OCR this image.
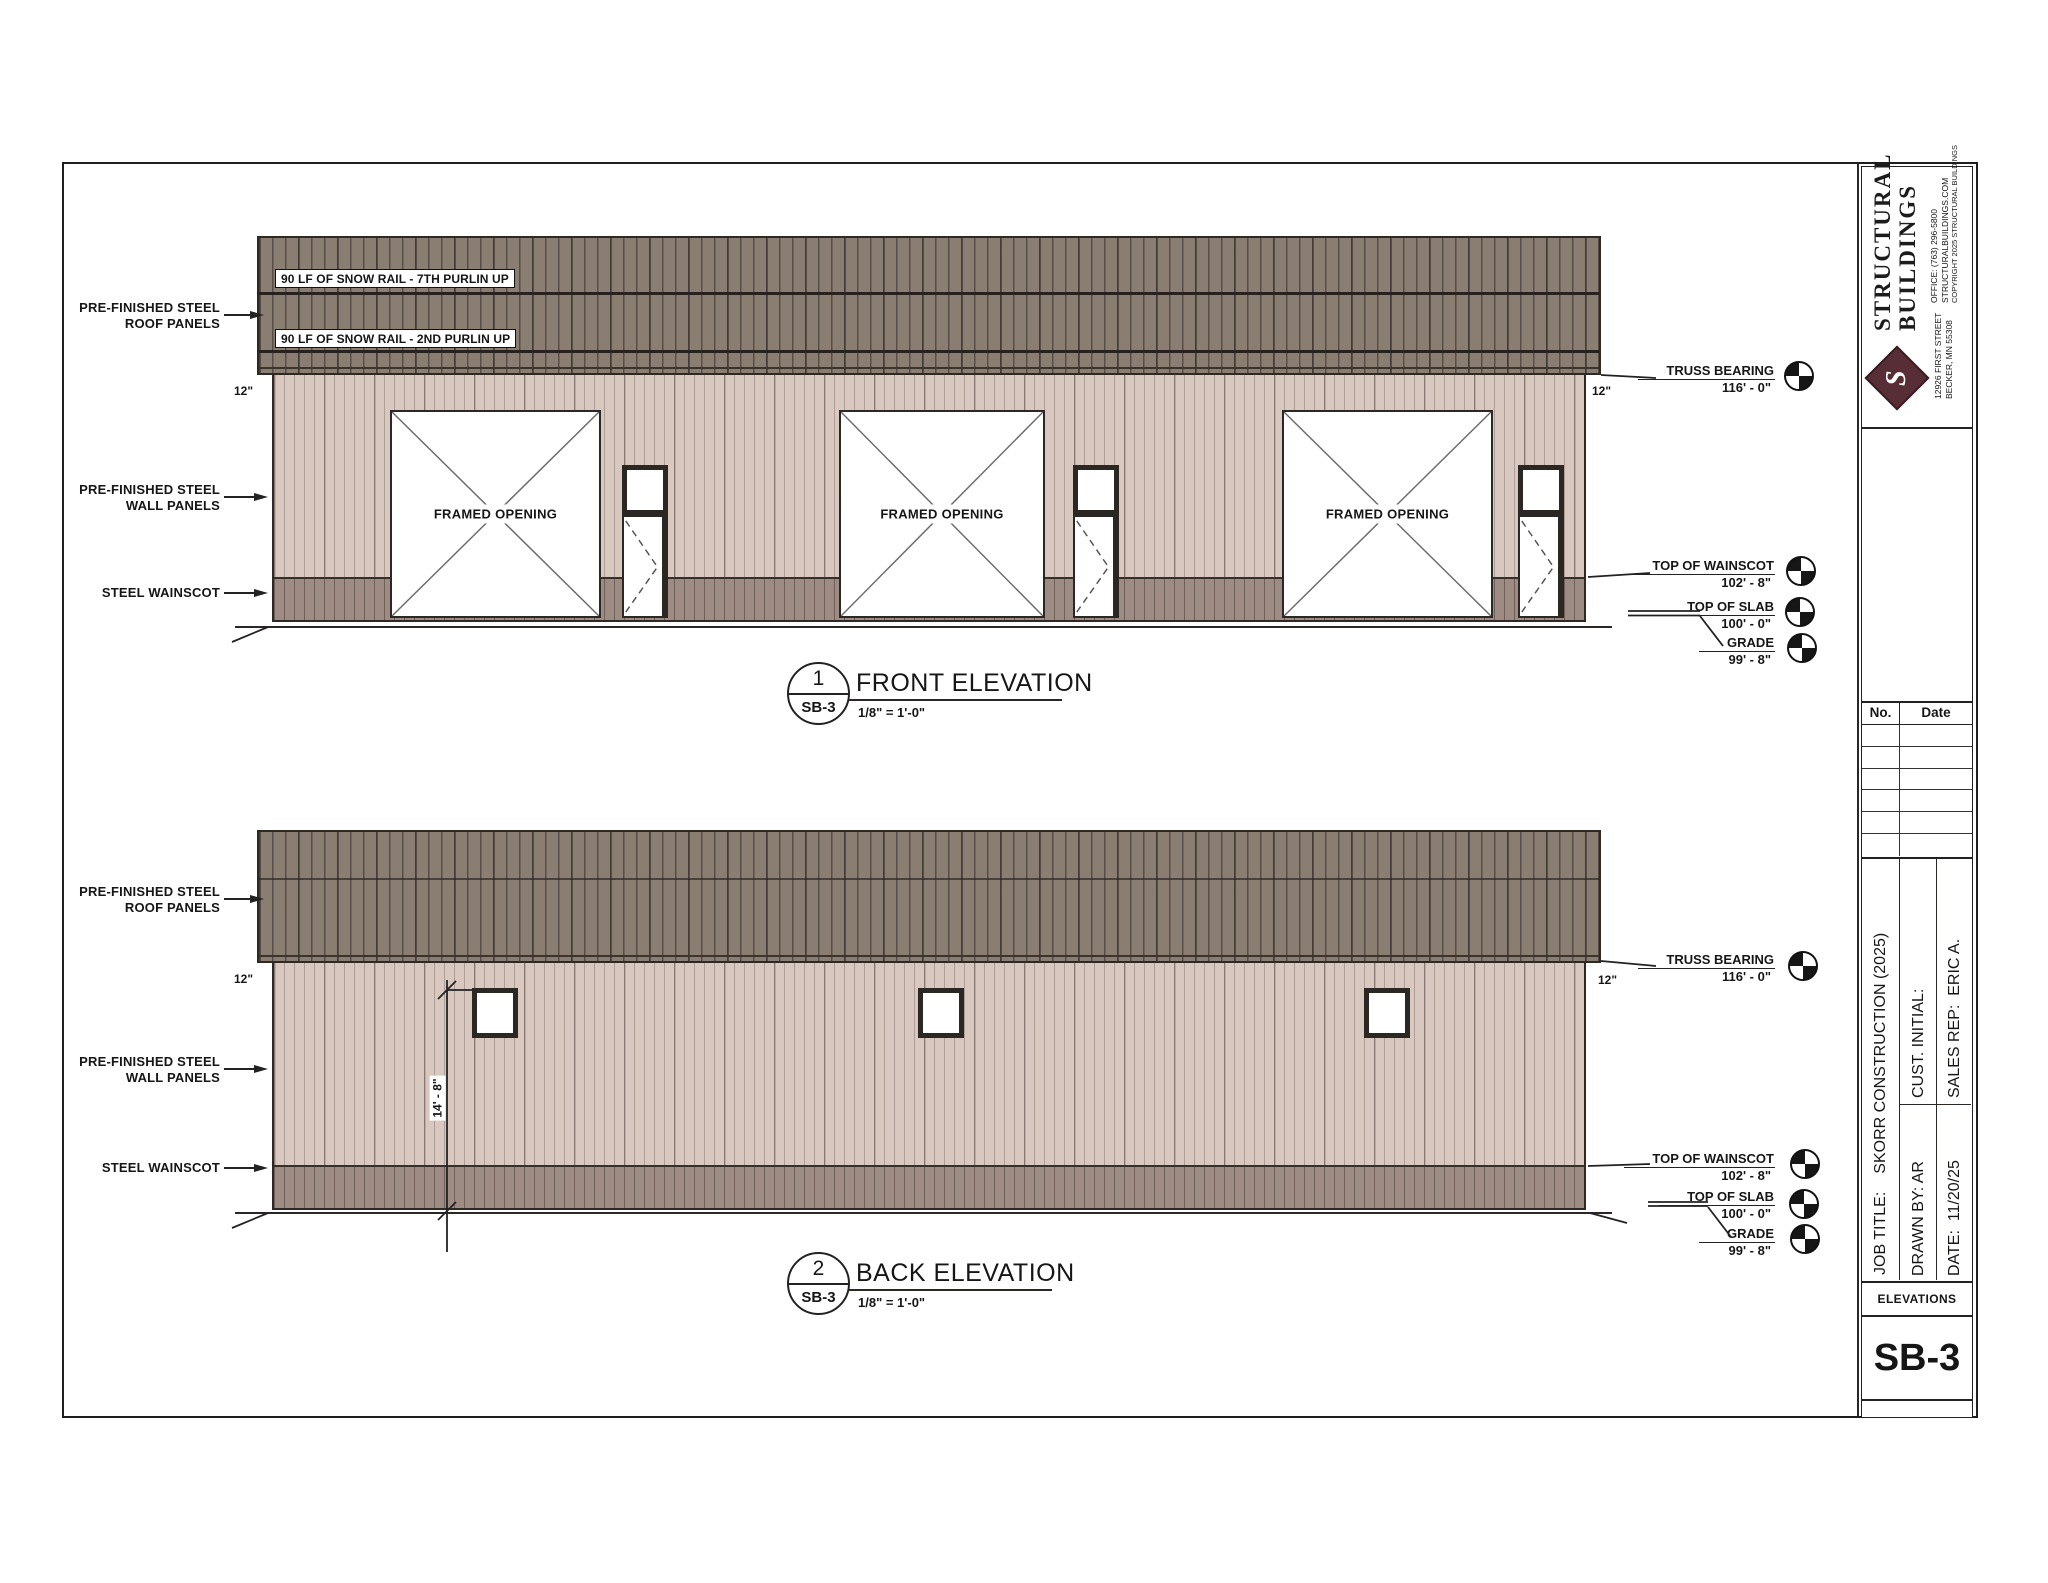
90 LF OF SNOW RAIL - 7TH PURLIN UP
90 LF OF SNOW RAIL - 2ND PURLIN UP
FRAMED OPENING	FRAMED OPENING	FRAMED OPENING
12"	12"
PRE-FINISHED STEEL
ROOF PANELS
PRE-FINISHED STEEL
WALL PANELS
STEEL WAINSCOT
TRUSS BEARING
116' - 0"
TOP OF WAINSCOT
102' - 8"
TOP OF SLAB
100' - 0"
GRADE
99' - 8"
1
SB-3
FRONT ELEVATION
1/8" = 1'-0"
12"	12"
14' - 8"
PRE-FINISHED STEEL
ROOF PANELS
PRE-FINISHED STEEL
WALL PANELS
STEEL WAINSCOT
TRUSS BEARING
116' - 0"
TOP OF WAINSCOT
102' - 8"
TOP OF SLAB
100' - 0"
GRADE
99' - 8"
2
SB-3
BACK ELEVATION
1/8" = 1'-0"
S
STRUCTURAL BUILDINGS
12926 FIRST STREET BECKER, MN 55308
OFFICE: (763) 296-5800 STRUCTURALBUILDINGS.COM COPYRIGHT 2025 STRUCTURAL BUILDINGS
No.	Date
JOB TITLE:SKORR CONSTRUCTION (2025) CUST. INITIAL:
DRAWN BY: AR
SALES REP:  ERIC A.
DATE:  11/20/25
ELEVATIONS
SB-3
